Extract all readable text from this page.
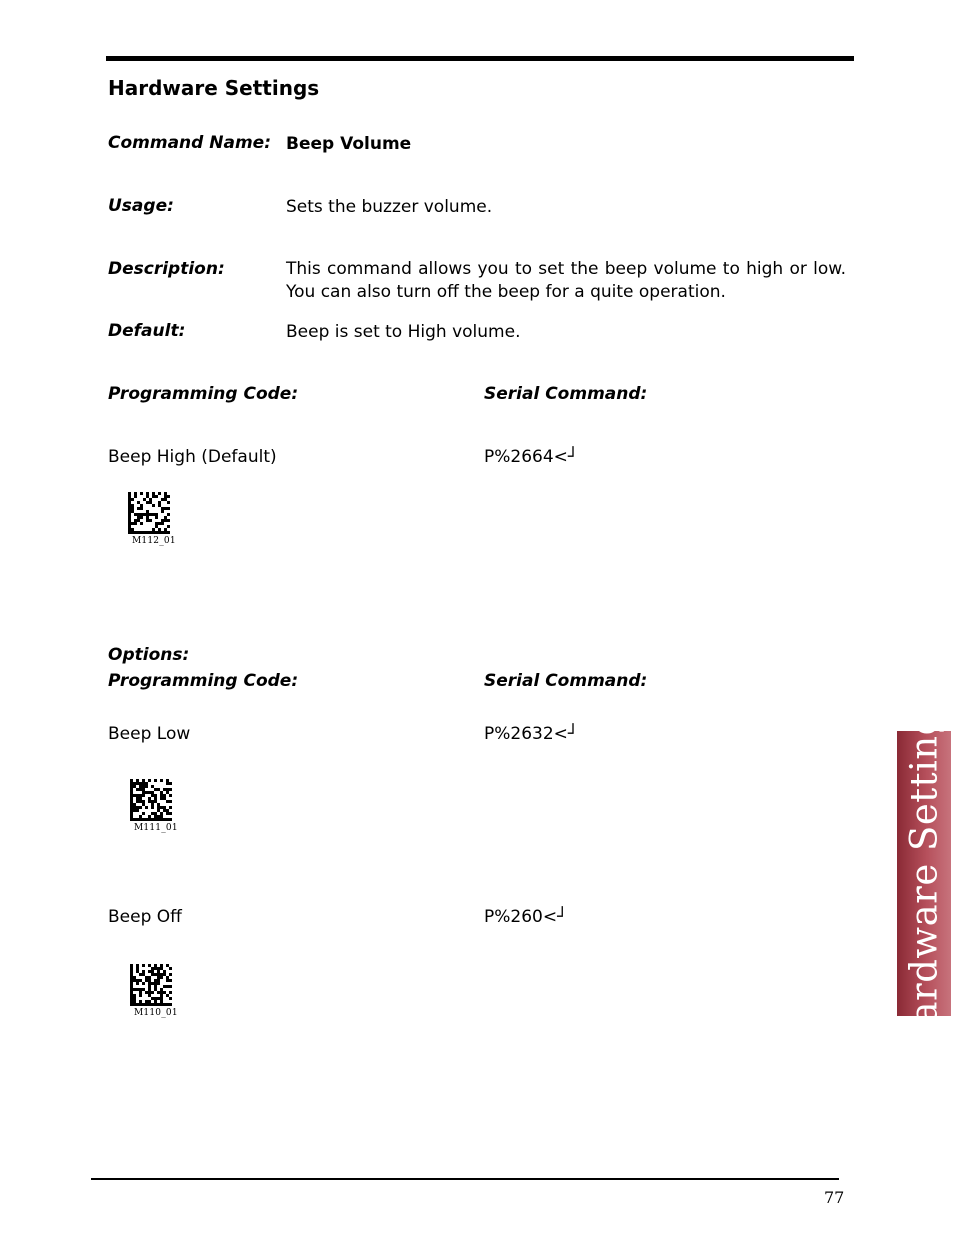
Hardware Settings
Command Name: Beep Volume
Usage:	Sets the buzzer volume.
Description:	This command allows you to set the beep volume to high or low. You can also turn off the beep for a quite operation.
Default:	Beep is set to High volume.
Programming Code:	Serial Command:
Beep High (Default)	P%2664<┘
M112_01
Options:
Programming Code:	Serial Command:
Beep Low	P%2632<┘
M111_01
Beep Off	P%260<┘
M110_01	Hardware Settings
77
